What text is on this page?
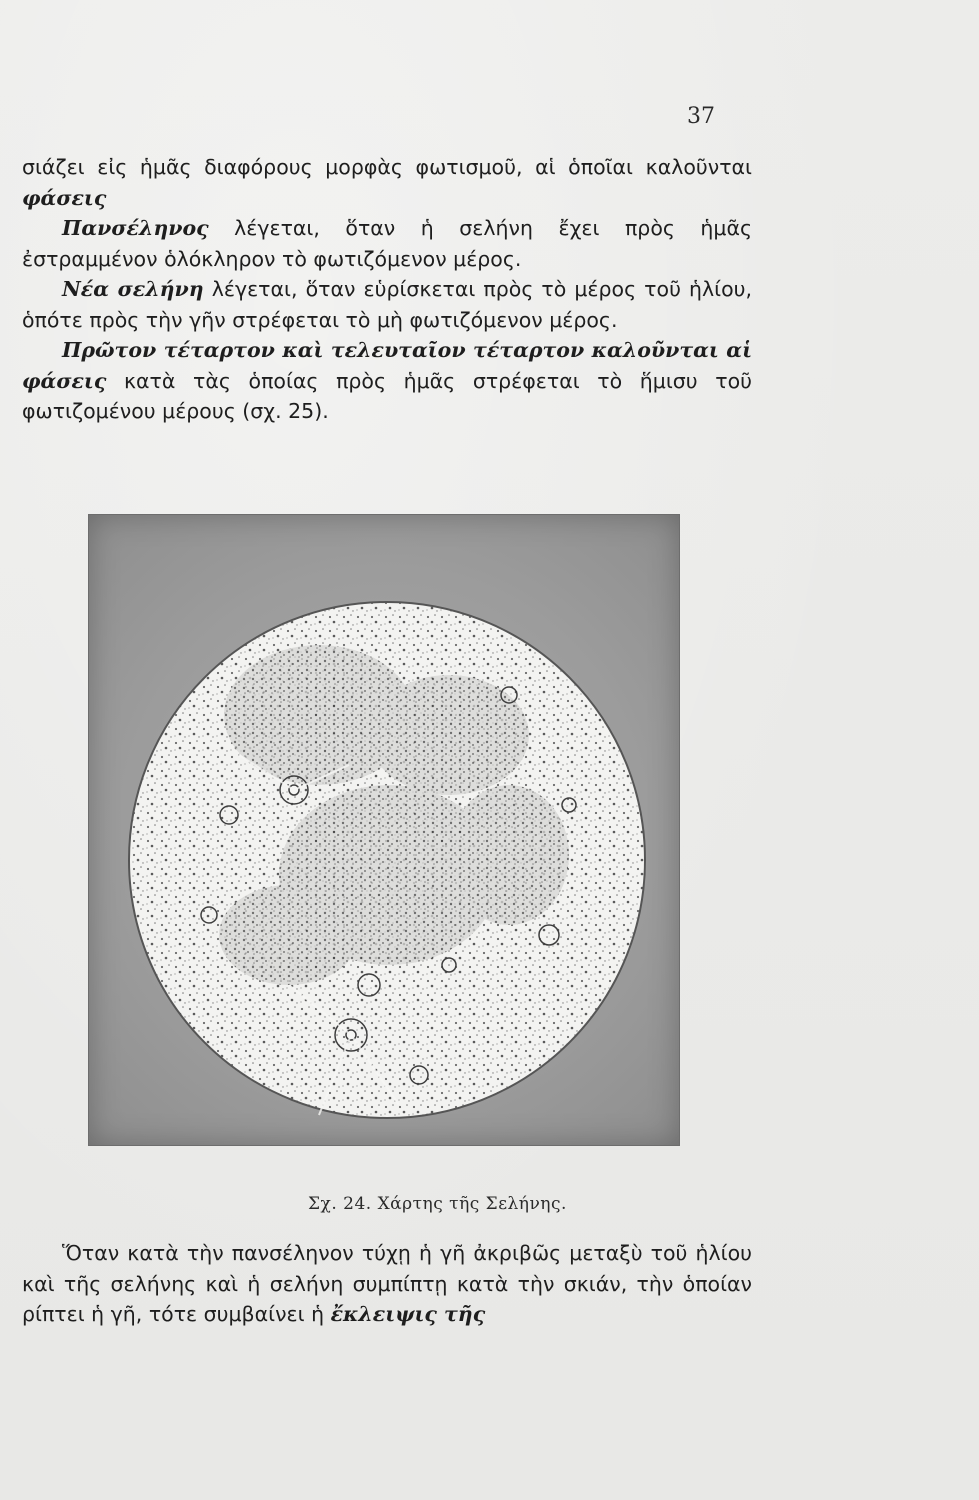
37

σιάζει εἰς ἡμᾶς διαφόρους μορφὰς φωτισμοῦ, αἱ ὁποῖαι καλοῦνται φάσεις

Πανσέληνος λέγεται, ὅταν ἡ σελήνη ἔχει πρὸς ἡμᾶς ἐστραμμένον ὁλόκληρον τὸ φωτιζόμενον μέρος.

Νέα σελήνη λέγεται, ὅταν εὑρίσκεται πρὸς τὸ μέρος τοῦ ἡλίου, ὁπότε πρὸς τὴν γῆν στρέφεται τὸ μὴ φωτιζόμενον μέρος.

Πρῶτον τέταρτον καὶ τελευταῖον τέταρτον καλοῦνται αἱ φάσεις κατὰ τὰς ὁποίας πρὸς ἡμᾶς στρέφεται τὸ ἥμισυ τοῦ φωτιζομένου μέρους (σχ. 25).

Σχ. 24. Χάρτης τῆς Σελήνης.

Ὅταν κατὰ τὴν πανσέληνον τύχῃ ἡ γῆ ἀκριβῶς μεταξὺ τοῦ ἡλίου καὶ τῆς σελήνης καὶ ἡ σελήνη συμπίπτῃ κατὰ τὴν σκιάν, τὴν ὁποίαν ρίπτει ἡ γῆ, τότε συμβαίνει ἡ ἔκλειψις τῆς
